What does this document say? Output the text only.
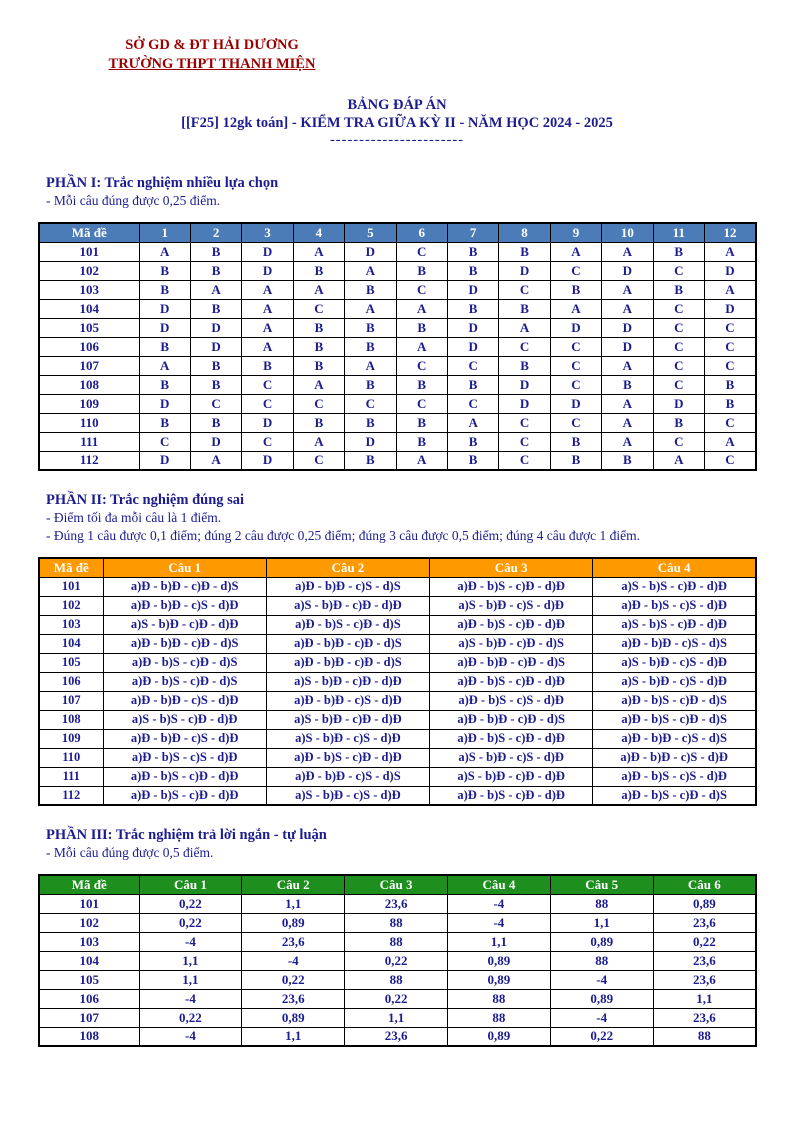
SỞ GD & ĐT HẢI DƯƠNG
TRƯỜNG THPT THANH MIỆN
BẢNG ĐÁP ÁN
[[F25] 12gk toán] - KIỂM TRA GIỮA KỲ II - NĂM HỌC 2024 - 2025
-----------------------
PHẦN I: Trắc nghiệm nhiều lựa chọn
- Mỗi câu đúng được 0,25 điểm.
Mã đề	1	2	3	4	5	6	7	8	9	10	11	12
101	A	B	D	A	D	C	B	B	A	A	B	A
102	B	B	D	B	A	B	B	D	C	D	C	D
103	B	A	A	A	B	C	D	C	B	A	B	A
104	D	B	A	C	A	A	B	B	A	A	C	D
105	D	D	A	B	B	B	D	A	D	D	C	C
106	B	D	A	B	B	A	D	C	C	D	C	C
107	A	B	B	B	A	C	C	B	C	A	C	C
108	B	B	C	A	B	B	B	D	C	B	C	B
109	D	C	C	C	C	C	C	D	D	A	D	B
110	B	B	D	B	B	B	A	C	C	A	B	C
111	C	D	C	A	D	B	B	C	B	A	C	A
112	D	A	D	C	B	A	B	C	B	B	A	C
PHẦN II: Trắc nghiệm đúng sai
- Điểm tối đa mỗi câu là 1 điểm.
- Đúng 1 câu được 0,1 điểm; đúng 2 câu được 0,25 điểm; đúng 3 câu được 0,5 điểm; đúng 4 câu được 1 điểm.
Mã đề	Câu 1	Câu 2	Câu 3	Câu 4
101	a)Đ - b)Đ - c)Đ - d)S	a)Đ - b)Đ - c)S - d)S	a)Đ - b)S - c)Đ - d)Đ	a)S - b)S - c)Đ - d)Đ
102	a)Đ - b)Đ - c)S - d)Đ	a)S - b)Đ - c)Đ - d)Đ	a)S - b)Đ - c)S - d)Đ	a)Đ - b)S - c)S - d)Đ
103	a)S - b)Đ - c)Đ - d)Đ	a)Đ - b)S - c)Đ - d)S	a)Đ - b)S - c)Đ - d)Đ	a)S - b)S - c)Đ - d)Đ
104	a)Đ - b)Đ - c)Đ - d)S	a)Đ - b)Đ - c)Đ - d)S	a)S - b)Đ - c)Đ - d)S	a)Đ - b)Đ - c)S - d)S
105	a)Đ - b)S - c)Đ - d)S	a)Đ - b)Đ - c)Đ - d)S	a)Đ - b)Đ - c)Đ - d)S	a)S - b)Đ - c)S - d)Đ
106	a)Đ - b)S - c)Đ - d)S	a)S - b)Đ - c)Đ - d)Đ	a)Đ - b)S - c)Đ - d)Đ	a)S - b)Đ - c)S - d)Đ
107	a)Đ - b)Đ - c)S - d)Đ	a)Đ - b)Đ - c)S - d)Đ	a)Đ - b)S - c)S - d)Đ	a)Đ - b)S - c)Đ - d)S
108	a)S - b)S - c)Đ - d)Đ	a)S - b)Đ - c)Đ - d)Đ	a)Đ - b)Đ - c)Đ - d)S	a)Đ - b)S - c)Đ - d)S
109	a)Đ - b)Đ - c)S - d)Đ	a)S - b)Đ - c)S - d)Đ	a)Đ - b)S - c)Đ - d)Đ	a)Đ - b)Đ - c)S - d)S
110	a)Đ - b)S - c)S - d)Đ	a)Đ - b)S - c)Đ - d)Đ	a)S - b)Đ - c)S - d)Đ	a)Đ - b)Đ - c)S - d)Đ
111	a)Đ - b)S - c)Đ - d)Đ	a)Đ - b)Đ - c)S - d)S	a)S - b)Đ - c)Đ - d)Đ	a)Đ - b)S - c)S - d)Đ
112	a)Đ - b)S - c)Đ - d)Đ	a)S - b)Đ - c)S - d)Đ	a)Đ - b)S - c)Đ - d)Đ	a)Đ - b)S - c)Đ - d)S
PHẦN III: Trắc nghiệm trả lời ngắn - tự luận
- Mỗi câu đúng được 0,5 điểm.
Mã đề	Câu 1	Câu 2	Câu 3	Câu 4	Câu 5	Câu 6
101	0,22	1,1	23,6	-4	88	0,89
102	0,22	0,89	88	-4	1,1	23,6
103	-4	23,6	88	1,1	0,89	0,22
104	1,1	-4	0,22	0,89	88	23,6
105	1,1	0,22	88	0,89	-4	23,6
106	-4	23,6	0,22	88	0,89	1,1
107	0,22	0,89	1,1	88	-4	23,6
108	-4	1,1	23,6	0,89	0,22	88
